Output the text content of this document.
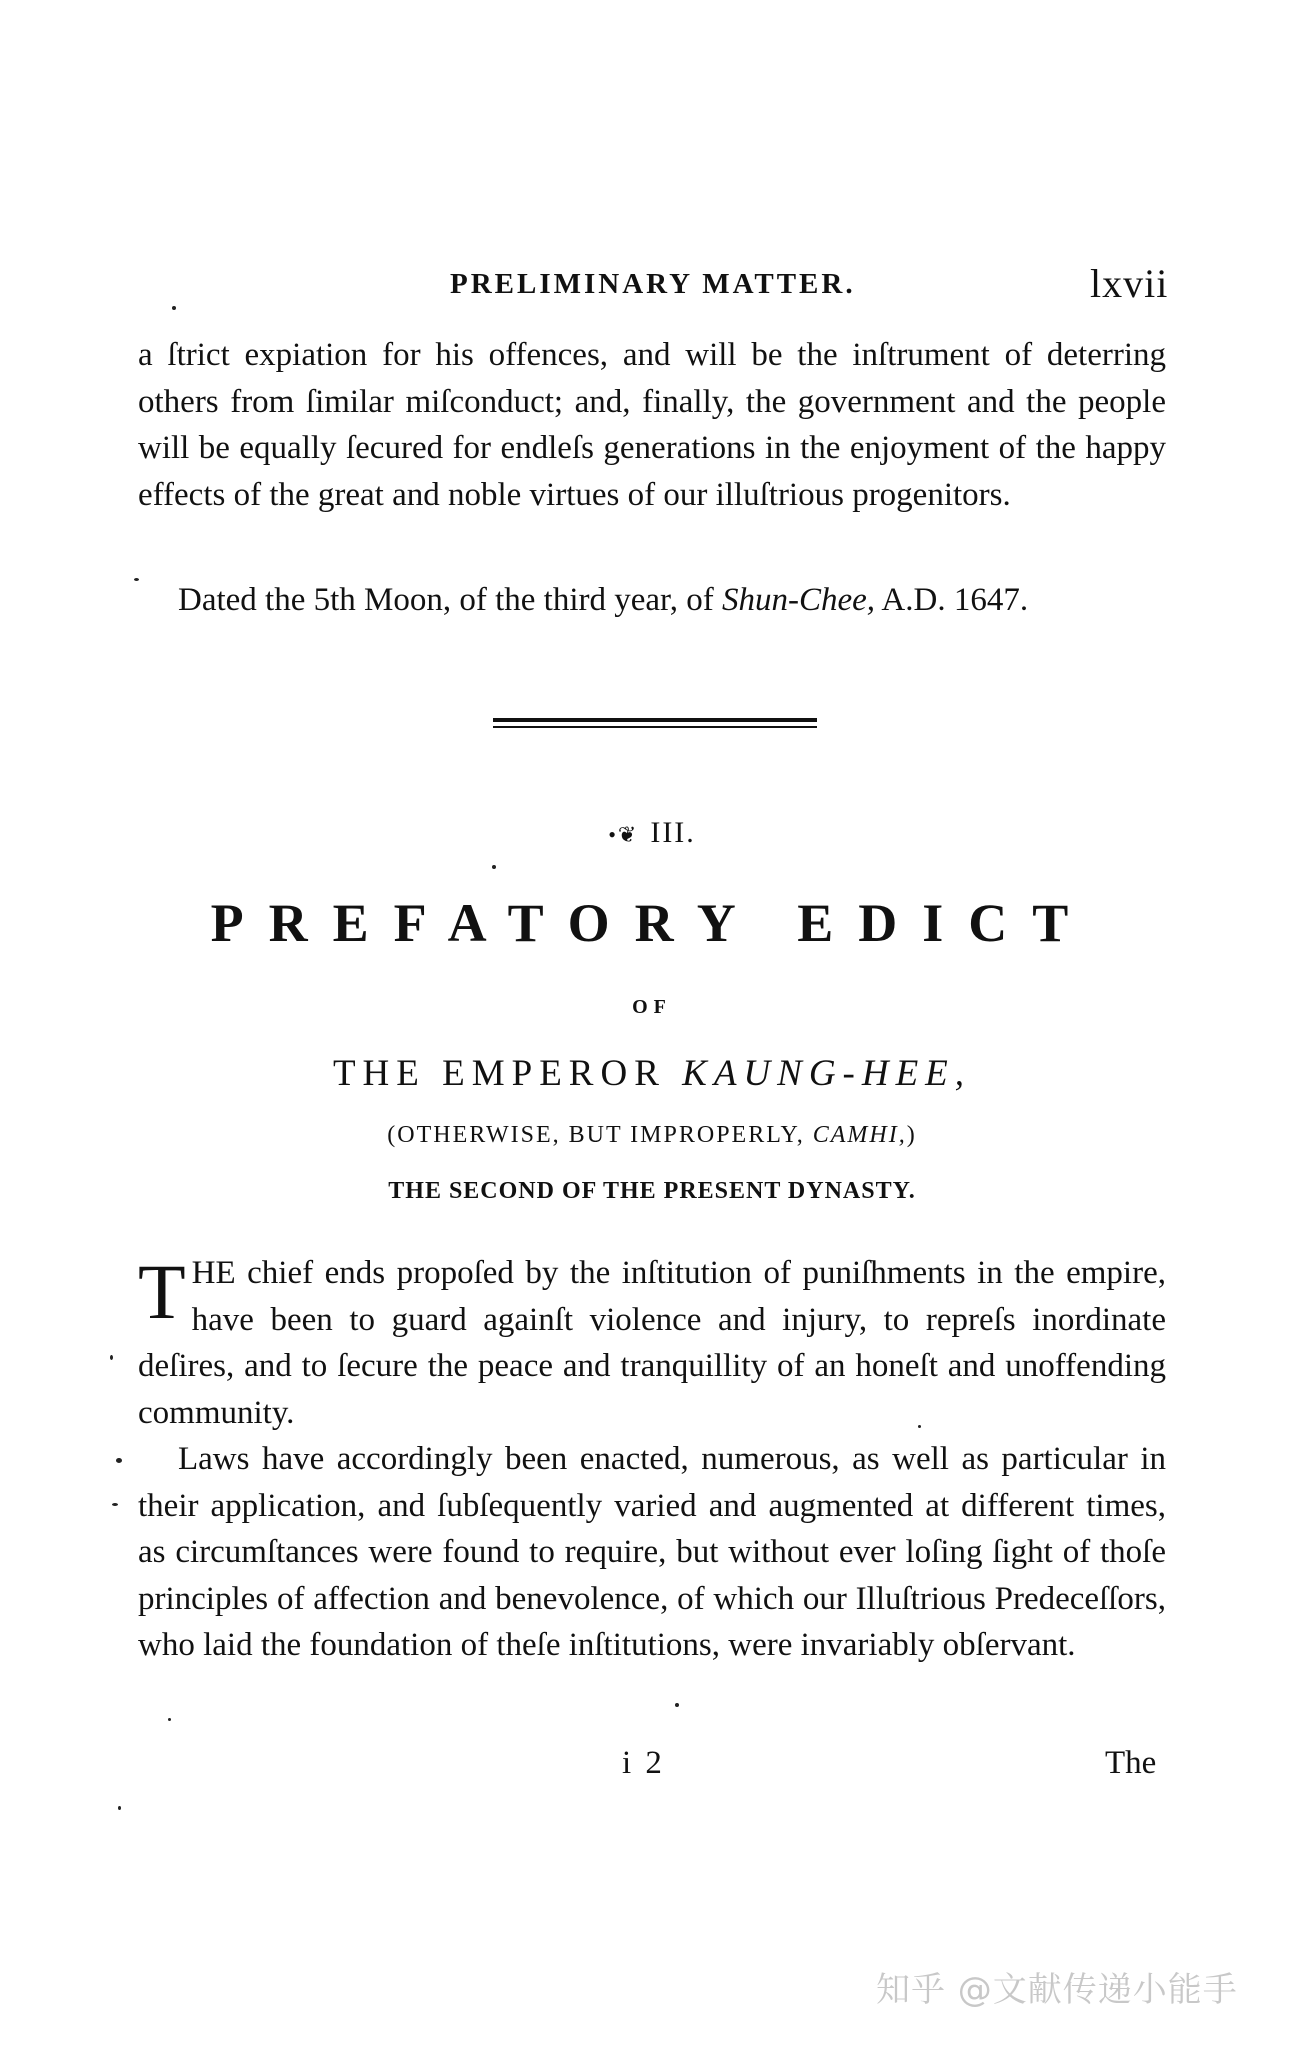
PRELIMINARY MATTER.	lxvii

a ſtrict expiation for his offences, and will be the inſtrument of deterring others from ſimilar miſconduct; and, finally, the government and the people will be equally ſecured for endleſs generations in the enjoyment of the happy effects of the great and noble virtues of our illuſtrious progenitors.

Dated the 5th Moon, of the third year, of Shun-Chee, A.D. 1647.
•❦ III.
PREFATORY EDICT
OF
THE EMPEROR KAUNG-HEE,
(OTHERWISE, BUT IMPROPERLY, CAMHI,)
THE SECOND OF THE PRESENT DYNASTY.

THE chief ends propoſed by the inſtitution of puniſhments in the empire, have been to guard againſt violence and injury, to repreſs inordinate deſires, and to ſecure the peace and tranquillity of an honeſt and unoffending community.

Laws have accordingly been enacted, numerous, as well as particular in their application, and ſubſequently varied and augmented at different times, as circumſtances were found to require, but without ever loſing ſight of thoſe principles of affection and benevolence, of which our Illuſtrious Predeceſſors, who laid the foundation of theſe inſtitutions, were invariably obſervant.

i 2	The
知乎 @文献传递小能手
